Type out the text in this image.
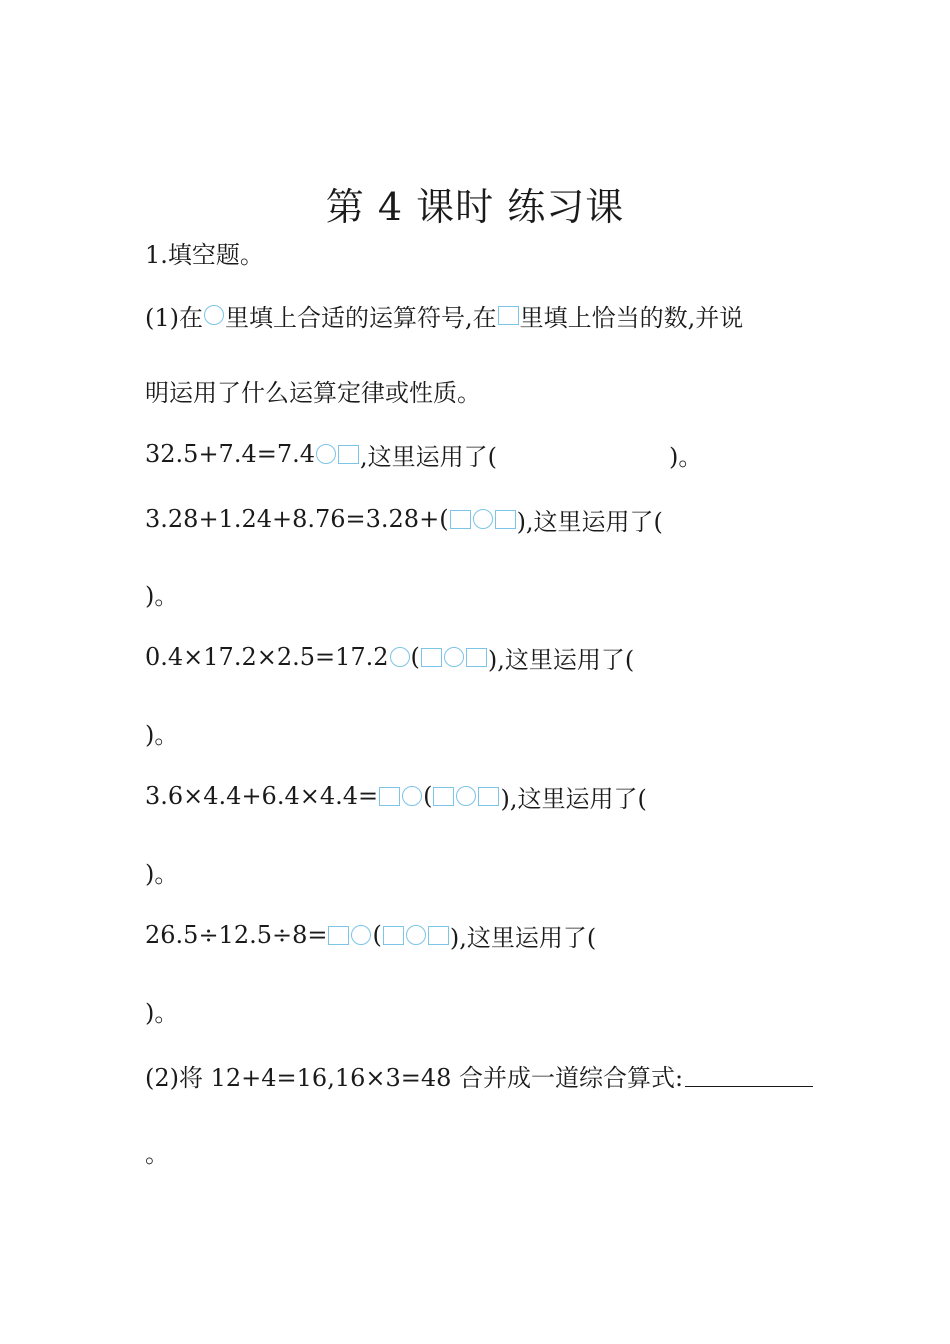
第 4 课时 练习课
1.填空题。
(1)在 里填上合适的运算符号,在 里填上恰当的数,并说
明运用了什么运算定律或性质。
32.5+7.4=7.4 ,这里运用了(	)。
3.28+1.24+8.76=3.28+(	),这里运用了(
)。
0.4×17.2×2.5=17.2 (	),这里运用了(
)。
3.6×4.4+6.4×4.4= (	),这里运用了(
)。
26.5÷12.5÷8= (	),这里运用了(
)。
(2)将 12+4=16,16×3=48 合并成一道综合算式:
。
